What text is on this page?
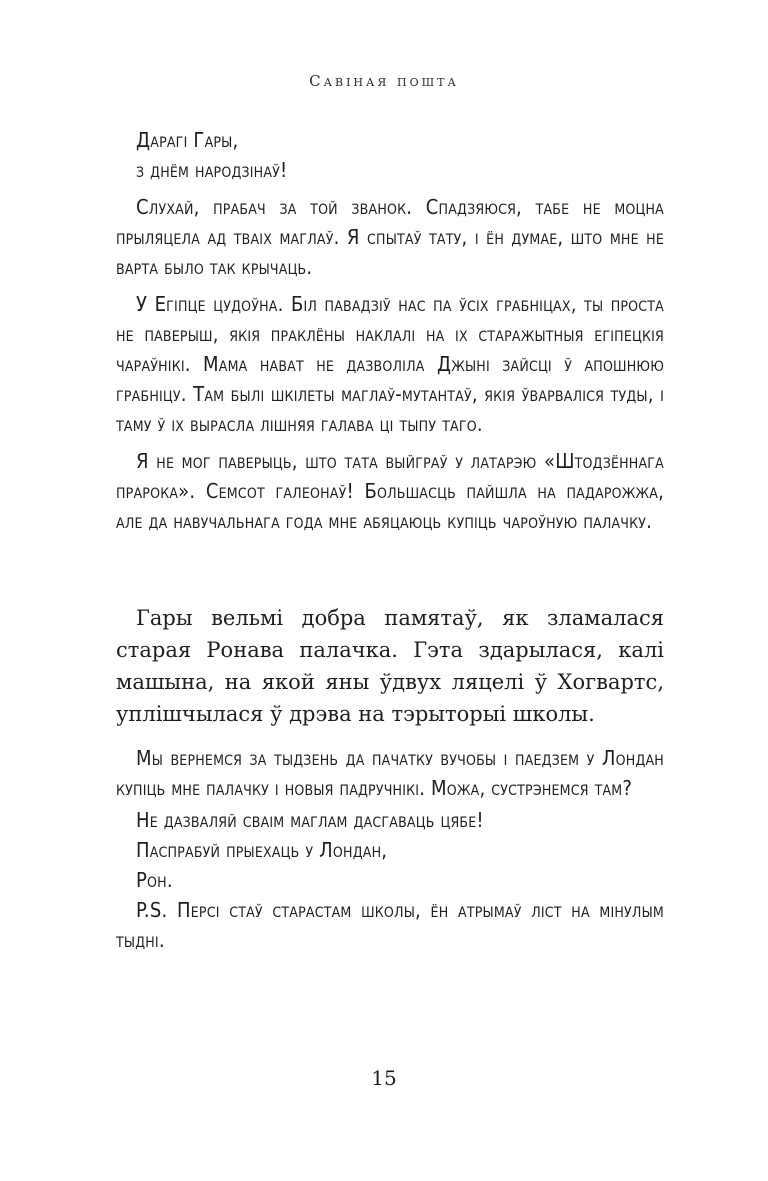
Савіная пошта

Дарагі Гары,

з днём народзінаў!

Слухай, прабач за той званок. Спадзяюся, табе не моцна прыляцела ад тваіх маглаў. Я спытаў тату, і ён думае, што мне не варта было так крычаць.

У Егіпце цудоўна. Біл павадзіў нас па ўсіх грабніцах, ты проста не паверыш, якія праклёны наклалі на іх старажытныя егіпецкія чараўнікі. Мама нават не дазволіла Джыні зайсці ў апошнюю грабніцу. Там былі шкілеты маглаў-мутантаў, якія ўварваліся туды, і таму ў іх вырасла лішняя галава ці тыпу таго.

Я не мог паверыць, што тата выйграў у латарэю «Штодзённага прарока». Семсот галеонаў! Большасць пайшла на падарожжа, але да навучальнага года мне абяцаюць купіць чароўную палачку.

Гары вельмі добра памятаў, як зламалася старая Ронава палачка. Гэта здарылася, калі машына, на якой яны ўдвух ляцелі ў Хогвартс, уплішчылася ў дрэва на тэрыторыі школы.

Мы вернемся за тыдзень да пачатку вучобы і паедзем у Лондан купіць мне палачку і новыя падручнікі. Можа, сустрэнемся там?

Не дазваляй сваім маглам дасгаваць цябе!

Паспрабуй прыехаць у Лондан,

Рон.

P.S. Персі стаў старастам школы, ён атрымаў ліст на мінулым тыдні.

15
